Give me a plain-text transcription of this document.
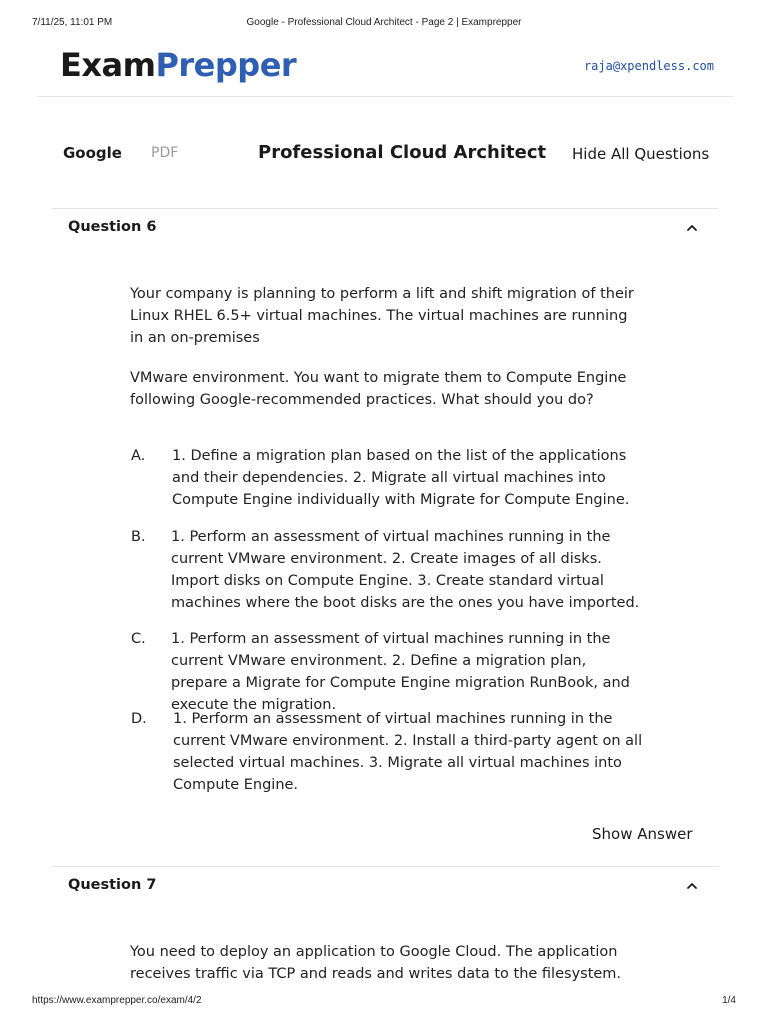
7/11/25, 11:01 PM	Google - Professional Cloud Architect - Page 2 | Examprepper
https://www.examprepper.co/exam/4/2	1/4
ExamPrepper	raja@xpendless.com
Google PDF	Professional Cloud Architect Hide All Questions
Question 6
Your company is planning to perform a lift and shift migration of their Linux RHEL 6.5+ virtual machines. The virtual machines are running in an on-premises
VMware environment. You want to migrate them to Compute Engine following Google-recommended practices. What should you do?
A. 1. Define a migration plan based on the list of the applications and their dependencies. 2. Migrate all virtual machines into Compute Engine individually with Migrate for Compute Engine.
B. 1. Perform an assessment of virtual machines running in the current VMware environment. 2. Create images of all disks. Import disks on Compute Engine. 3. Create standard virtual machines where the boot disks are the ones you have imported.
C. 1. Perform an assessment of virtual machines running in the current VMware environment. 2. Define a migration plan, prepare a Migrate for Compute Engine migration RunBook, and execute the migration.
D. 1. Perform an assessment of virtual machines running in the current VMware environment. 2. Install a third-party agent on all selected virtual machines. 3. Migrate all virtual machines into Compute Engine.
Show Answer
Question 7
You need to deploy an application to Google Cloud. The application receives traffic via TCP and reads and writes data to the filesystem.
